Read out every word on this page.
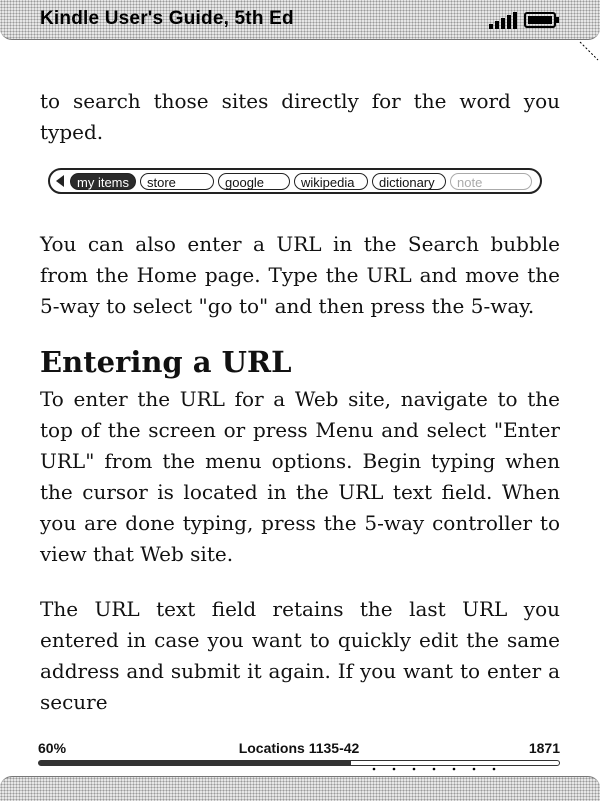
Kindle User's Guide, 5th Ed

to search those sites directly for the word you typed.

my items	store	google	wikipedia	dictionary	note

You can also enter a URL in the Search bubble from the Home page. Type the URL and move the 5-way to select "go to" and then press the 5-way.

Entering a URL

To enter the URL for a Web site, navigate to the top of the screen or press Menu and select "Enter URL" from the menu options. Begin typing when the cursor is located in the URL text field. When you are done typing, press the 5-way controller to view that Web site.

The URL text field retains the last URL you entered in case you want to quickly edit the same address and submit it again. If you want to enter a secure

Locations 1135-42
60%	1871
